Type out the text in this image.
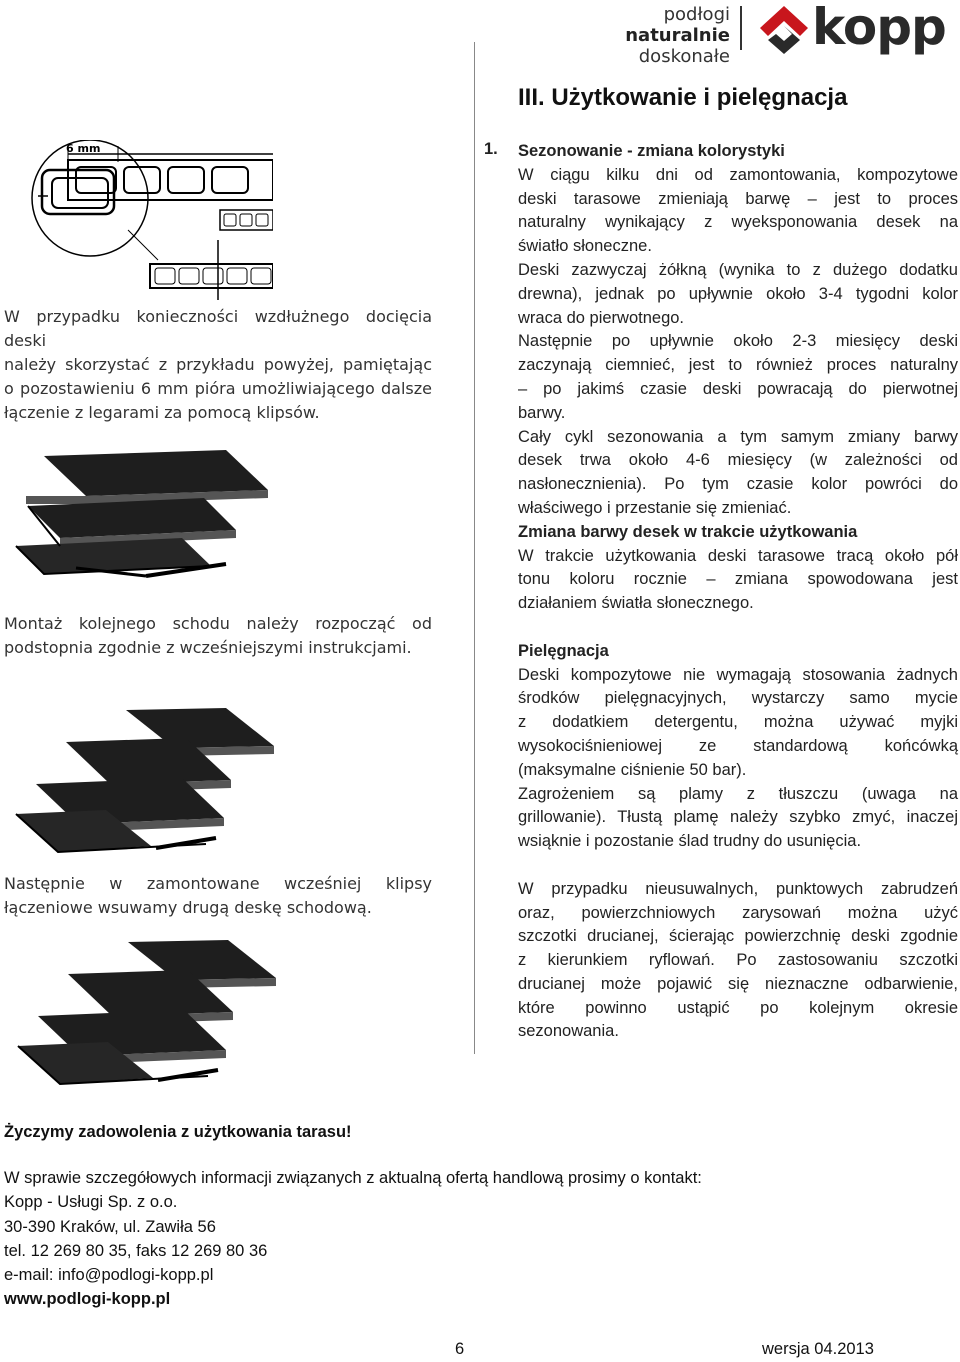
podłogi naturalnie
doskonałe
kopp
6 mm
W przypadku konieczności wzdłużnego docięcia deski
należy skorzystać z przykładu powyżej, pamiętając
o pozostawieniu 6 mm pióra umożliwiającego dalsze
łączenie z legarami za pomocą klipsów.
Montaż kolejnego schodu należy rozpocząć od
podstopnia zgodnie z wcześniejszymi instrukcjami.
Następnie w zamontowane wcześniej klipsy
łączeniowe wsuwamy drugą deskę schodową.
III. Użytkowanie i pielęgnacja
1. Sezonowanie - zmiana kolorystyki
W ciągu kilku dni od zamontowania, kompozytowe
deski tarasowe zmieniają barwę – jest to proces
naturalny wynikający z wyeksponowania desek na
światło słoneczne.
Deski zazwyczaj żółkną (wynika to z dużego dodatku
drewna), jednak po upływnie około 3-4 tygodni kolor
wraca do pierwotnego.
Następnie po upływnie około 2-3 miesięcy deski
zaczynają ciemnieć, jest to również proces naturalny
– po jakimś czasie deski powracają do pierwotnej
barwy.
Cały cykl sezonowania a tym samym zmiany barwy
desek trwa około 4-6 miesięcy (w zależności od
nasłonecznienia). Po tym czasie kolor powróci do
właściwego i przestanie się zmieniać.
Zmiana barwy desek w trakcie użytkowania
W trakcie użytkowania deski tarasowe tracą około pół
tonu koloru rocznie – zmiana spowodowana jest
działaniem światła słonecznego.
Pielęgnacja
Deski kompozytowe nie wymagają stosowania żadnych
środków pielęgnacyjnych, wystarczy samo mycie
z dodatkiem detergentu, można używać myjki
wysokociśnieniowej ze standardową końcówką
(maksymalne ciśnienie 50 bar).
Zagrożeniem są plamy z tłuszczu (uwaga na
grillowanie). Tłustą plamę należy szybko zmyć, inaczej
wsiąknie i pozostanie ślad trudny do usunięcia.
W przypadku nieusuwalnych, punktowych zabrudzeń
oraz, powierzchniowych zarysowań można użyć
szczotki drucianej, ścierając powierzchnię deski zgodnie
z kierunkiem ryflowań. Po zastosowaniu szczotki
drucianej może pojawić się nieznaczne odbarwienie,
które powinno ustąpić po kolejnym okresie
sezonowania.
Życzymy zadowolenia z użytkowania tarasu!
W sprawie szczegółowych informacji związanych z aktualną ofertą handlową prosimy o kontakt:
Kopp - Usługi Sp. z o.o.
30-390 Kraków, ul. Zawiła 56
tel. 12 269 80 35, faks 12 269 80 36
e-mail: info@podlogi-kopp.pl
www.podlogi-kopp.pl
6	wersja 04.2013
